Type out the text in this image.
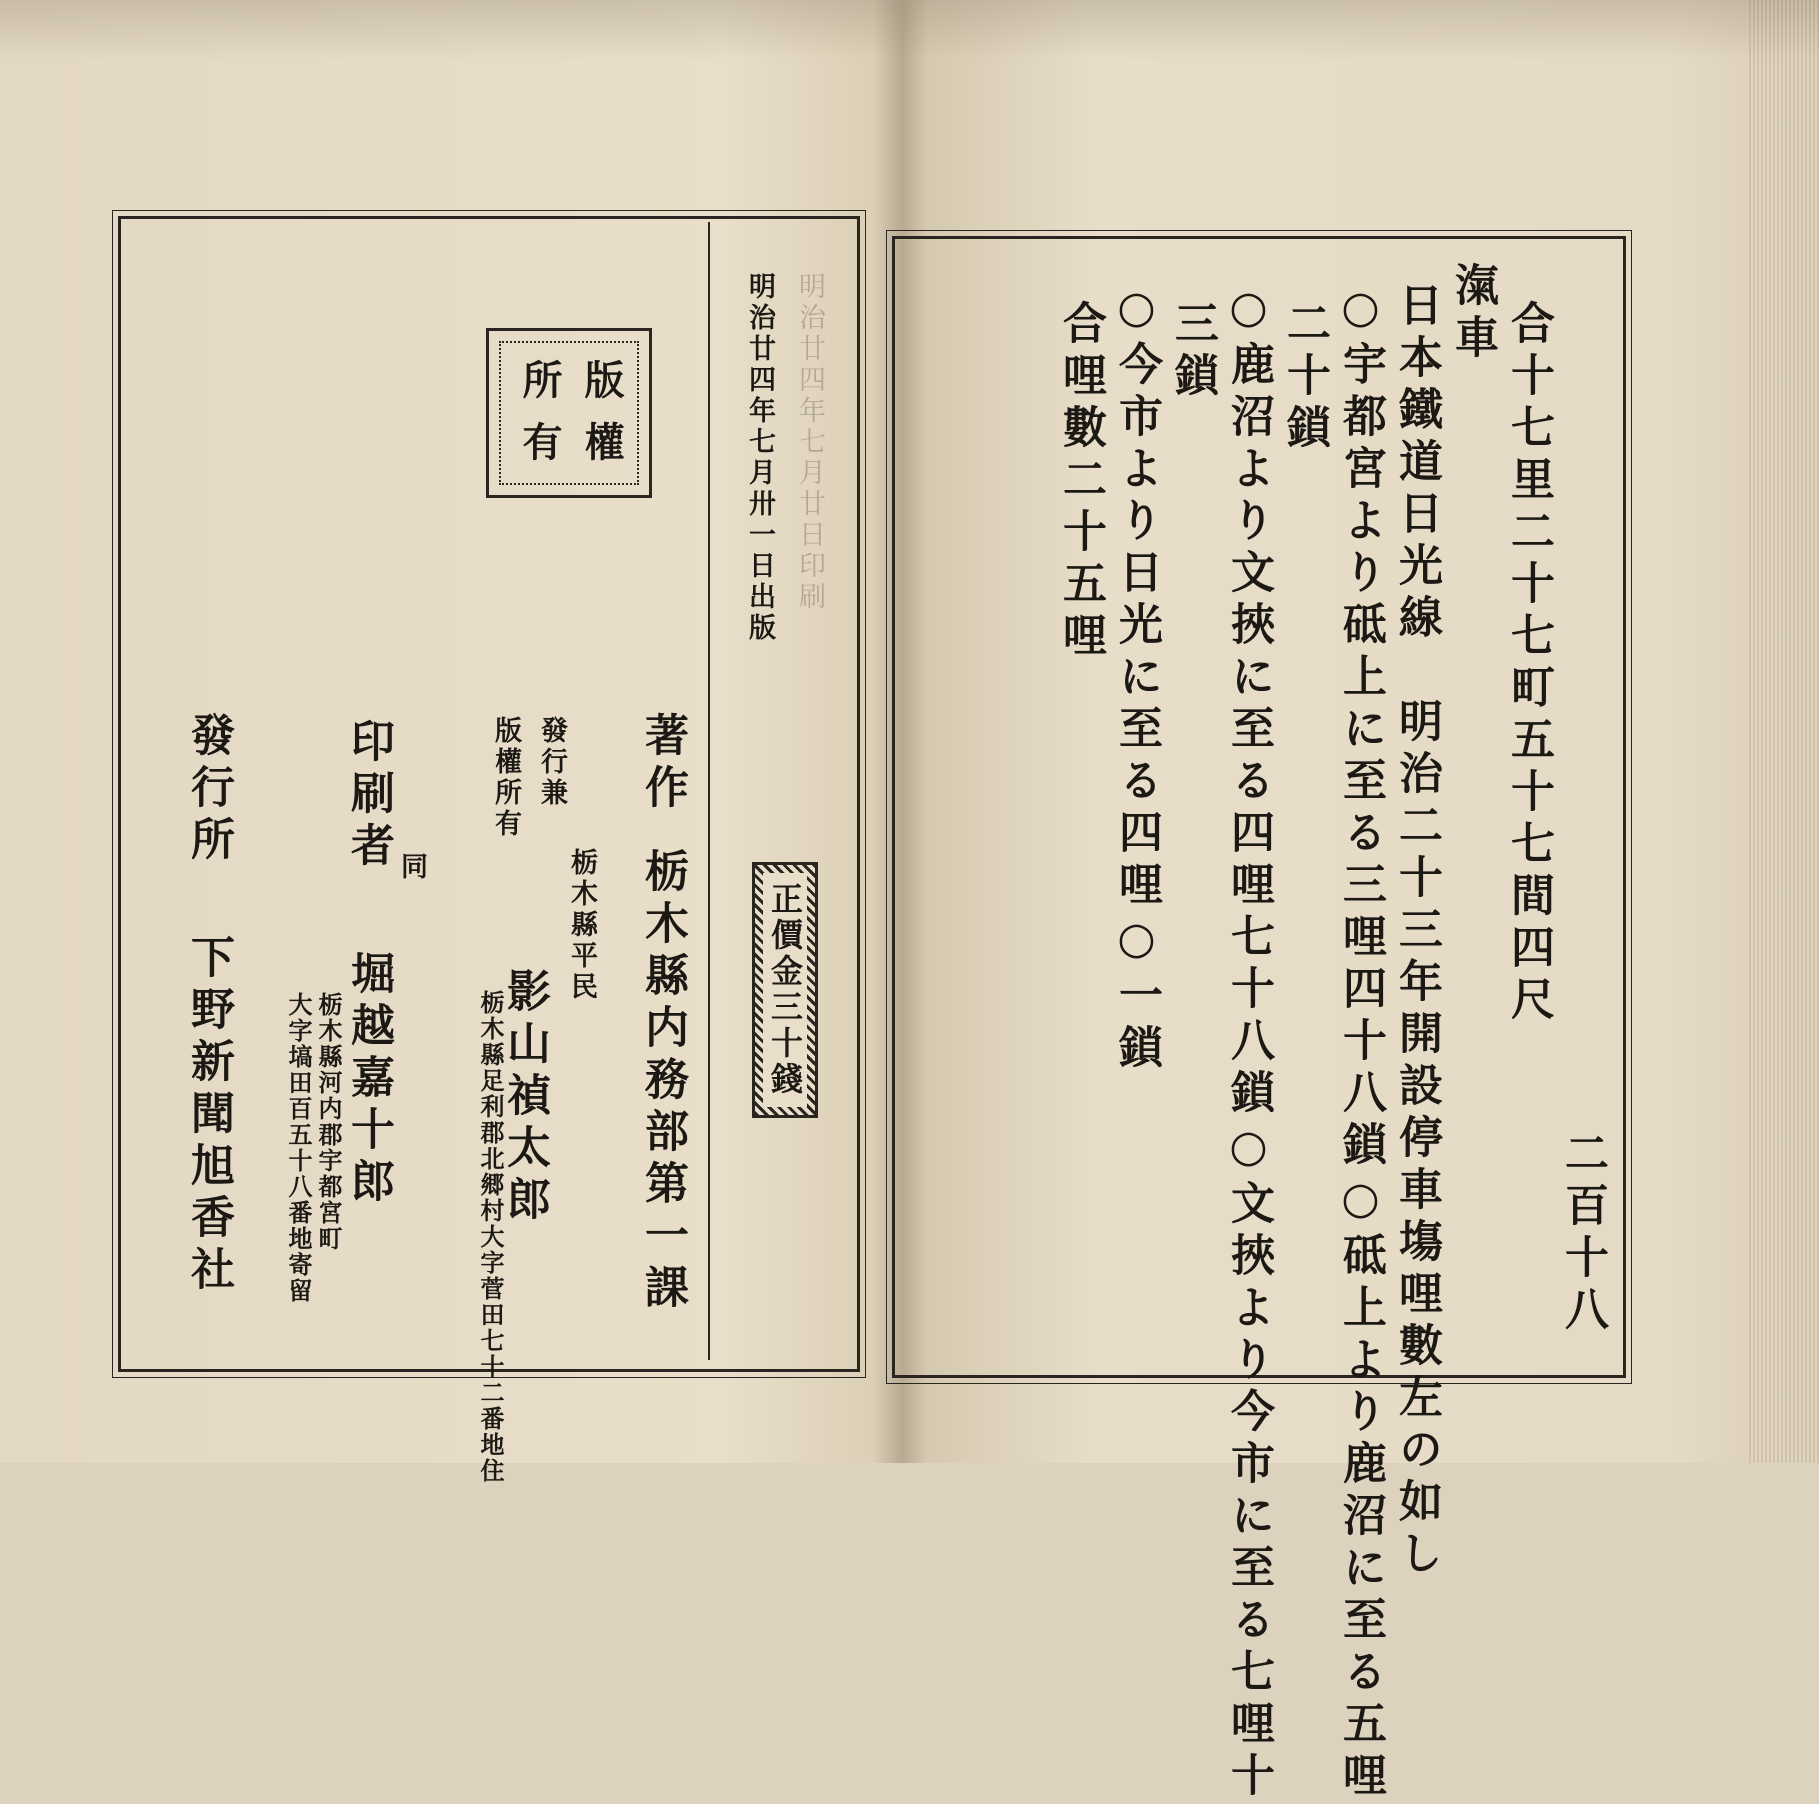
二百十八
合十七里二十七町五十七間四尺
滊車
日本鐵道日光線　明治二十三年開設停車塲哩數左の如し
○宇都宮より砥上に至る三哩四十八鎖○砥上より鹿沼に至る五哩
二十鎖
○鹿沼より文挾に至る四哩七十八鎖○文挾より今市に至る七哩十
三鎖
○今市より日光に至る四哩○一鎖
合哩數二十五哩
明治廿四年七月廿日印刷
明治廿四年七月卅一日出版
版權
所有
正價金三十錢
著作
栃木縣内務部第一課
發行兼
版權所有
栃木縣平民
影山禎太郎
栃木縣足利郡北郷村大字菅田七十二番地住
印刷者 同
堀越嘉十郎
栃木縣河内郡宇都宮町
大字塙田百五十八番地寄留
發行所
下野新聞旭香社
